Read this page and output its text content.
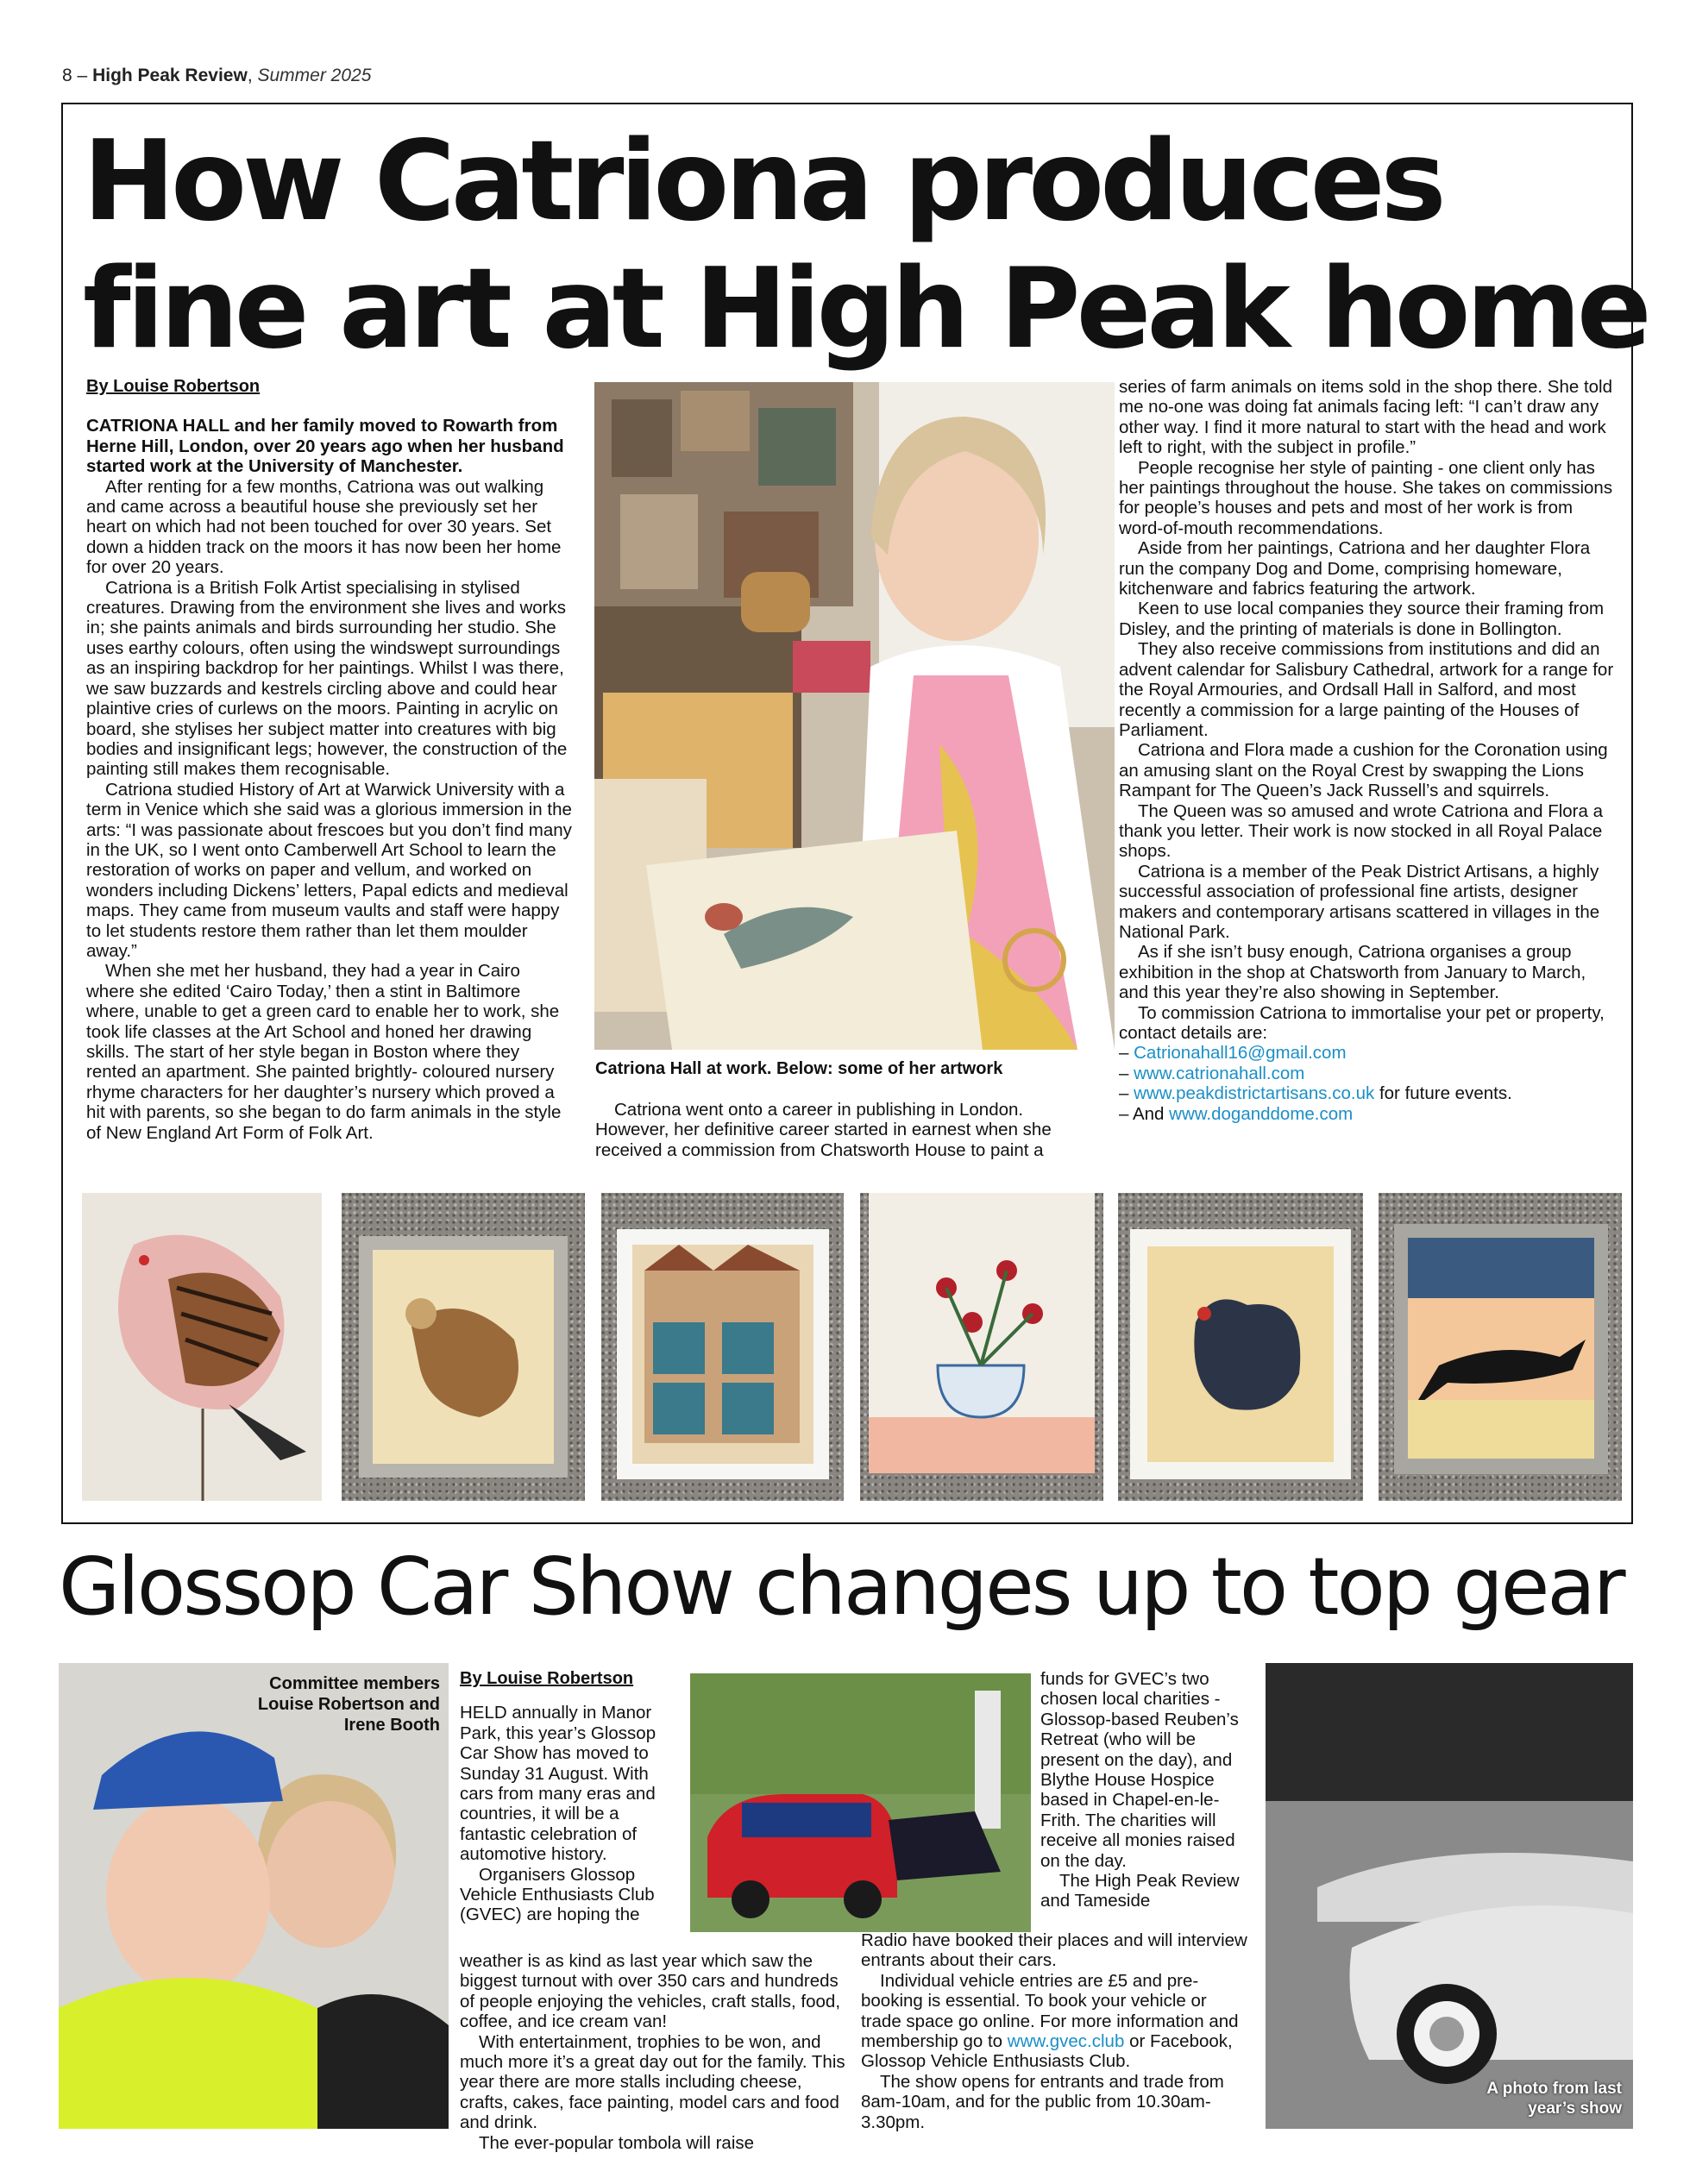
8 – High Peak Review, Summer 2025
How Catriona produces
fine art at High Peak home
By Louise Robertson

CATRIONA HALL and her family moved to Rowarth from Herne Hill, London, over 20 years ago when her husband started work at the University of Manchester.

After renting for a few months, Catriona was out walking and came across a beautiful house she previously set her heart on which had not been touched for over 30 years. Set down a hidden track on the moors it has now been her home for over 20 years.

Catriona is a British Folk Artist specialising in stylised creatures. Drawing from the environment she lives and works in; she paints animals and birds surrounding her studio. She uses earthy colours, often using the windswept surroundings as an inspiring backdrop for her paintings. Whilst I was there, we saw buzzards and kestrels circling above and could hear plaintive cries of curlews on the moors. Painting in acrylic on board, she stylises her subject matter into creatures with big bodies and insignificant legs; however, the construction of the painting still makes them recognisable.

Catriona studied History of Art at Warwick University with a term in Venice which she said was a glorious immersion in the arts: “I was passionate about frescoes but you don’t find many in the UK, so I went onto Camberwell Art School to learn the restoration of works on paper and vellum, and worked on wonders including Dickens’ letters, Papal edicts and medieval maps. They came from museum vaults and staff were happy to let students restore them rather than let them moulder away.”

When she met her husband, they had a year in Cairo where she edited ‘Cairo Today,’ then a stint in Baltimore where, unable to get a green card to enable her to work, she took life classes at the Art School and honed her drawing skills. The start of her style began in Boston where they rented an apartment. She painted brightly- coloured nursery rhyme characters for her daughter’s nursery which proved a hit with parents, so she began to do farm animals in the style of New England Art Form of Folk Art.

Catriona Hall at work. Below: some of her artwork

Catriona went onto a career in publishing in London. However, her definitive career started in earnest when she received a commission from Chatsworth House to paint a

series of farm animals on items sold in the shop there. She told me no-one was doing fat animals facing left: “I can’t draw any other way. I find it more natural to start with the head and work left to right, with the subject in profile.”

People recognise her style of painting - one client only has her paintings throughout the house. She takes on commissions for people’s houses and pets and most of her work is from word-of-mouth recommendations.

Aside from her paintings, Catriona and her daughter Flora run the company Dog and Dome, comprising homeware, kitchenware and fabrics featuring the artwork.

Keen to use local companies they source their framing from Disley, and the printing of materials is done in Bollington.

They also receive commissions from institutions and did an advent calendar for Salisbury Cathedral, artwork for a range for the Royal Armouries, and Ordsall Hall in Salford, and most recently a commission for a large painting of the Houses of Parliament.

Catriona and Flora made a cushion for the Coronation using an amusing slant on the Royal Crest by swapping the Lions Rampant for The Queen’s Jack Russell’s and squirrels.

The Queen was so amused and wrote Catriona and Flora a thank you letter. Their work is now stocked in all Royal Palace shops.

Catriona is a member of the Peak District Artisans, a highly successful association of professional fine artists, designer makers and contemporary artisans scattered in villages in the National Park.

As if she isn’t busy enough, Catriona organises a group exhibition in the shop at Chatsworth from January to March, and this year they’re also showing in September.

To commission Catriona to immortalise your pet or property, contact details are:

– Catrionahall16@gmail.com
– www.catrionahall.com
– www.peakdistrictartisans.co.uk for future events.
– And www.doganddome.com
Glossop Car Show changes up to top gear
Committee members Louise Robertson and Irene Booth
By Louise Robertson

HELD annually in Manor Park, this year’s Glossop Car Show has moved to Sunday 31 August. With cars from many eras and countries, it will be a fantastic celebration of automotive history.

Organisers Glossop Vehicle Enthusiasts Club (GVEC) are hoping the

weather is as kind as last year which saw the biggest turnout with over 350 cars and hundreds of people enjoying the vehicles, craft stalls, food, coffee, and ice cream van!

With entertainment, trophies to be won, and much more it’s a great day out for the family. This year there are more stalls including cheese, crafts, cakes, face painting, model cars and food and drink.

The ever-popular tombola will raise

funds for GVEC’s two chosen local charities - Glossop-based Reuben’s Retreat (who will be present on the day), and Blythe House Hospice based in Chapel-en-le-Frith. The charities will receive all monies raised on the day.

The High Peak Review and Tameside

Radio have booked their places and will interview entrants about their cars.

Individual vehicle entries are £5 and pre-booking is essential. To book your vehicle or trade space go online. For more information and membership go to www.gvec.club or Facebook, Glossop Vehicle Enthusiasts Club.

The show opens for entrants and trade from 8am-10am, and for the public from 10.30am-3.30pm.

A photo from last year’s show
